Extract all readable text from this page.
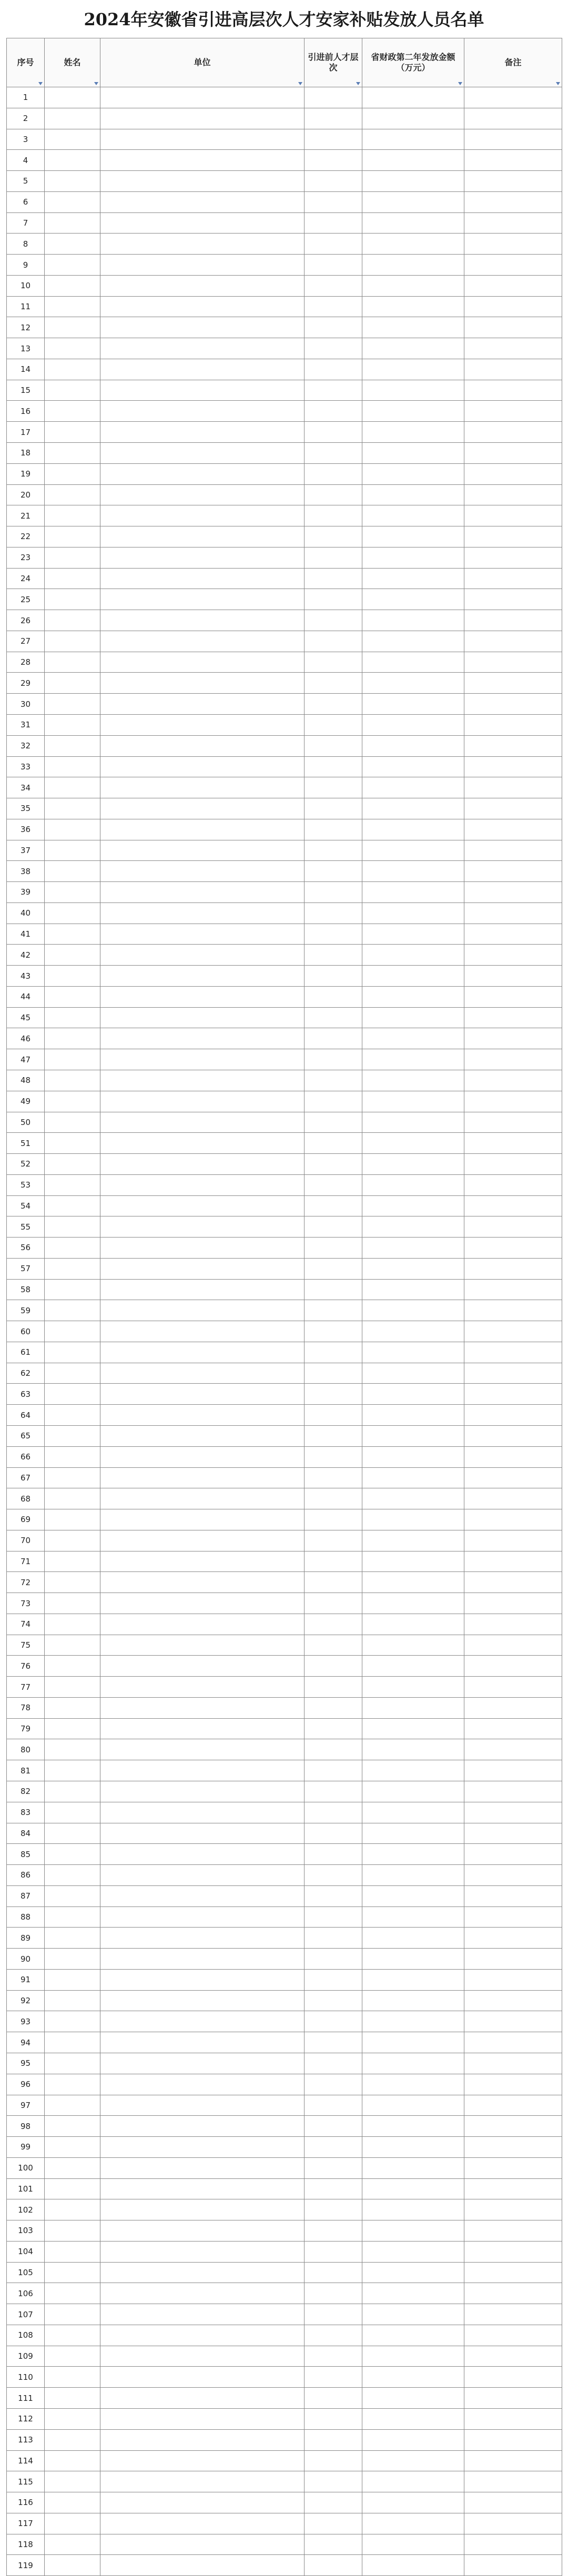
2024年安徽省引进高层次人才安家补贴发放人员名单
序号	姓名	单位	引进前人才层次	省财政第二年发放金额（万元）	备注

1					
2					
3					
4					
5					
6					
7					
8					
9					
10					
11					
12					
13					
14					
15					
16					
17					
18					
19					
20					
21					
22					
23					
24					
25					
26					
27					
28					
29					
30					
31					
32					
33					
34					
35					
36					
37					
38					
39					
40					
41					
42					
43					
44					
45					
46					
47					
48					
49					
50					
51					
52					
53					
54					
55					
56					
57					
58					
59					
60					
61					
62					
63					
64					
65					
66					
67					
68					
69					
70					
71					
72					
73					
74					
75					
76					
77					
78					
79					
80					
81					
82					
83					
84					
85					
86					
87					
88					
89					
90					
91					
92					
93					
94					
95					
96					
97					
98					
99					
100					
101					
102					
103					
104					
105					
106					
107					
108					
109					
110					
111					
112					
113					
114					
115					
116					
117					
118					
119					
